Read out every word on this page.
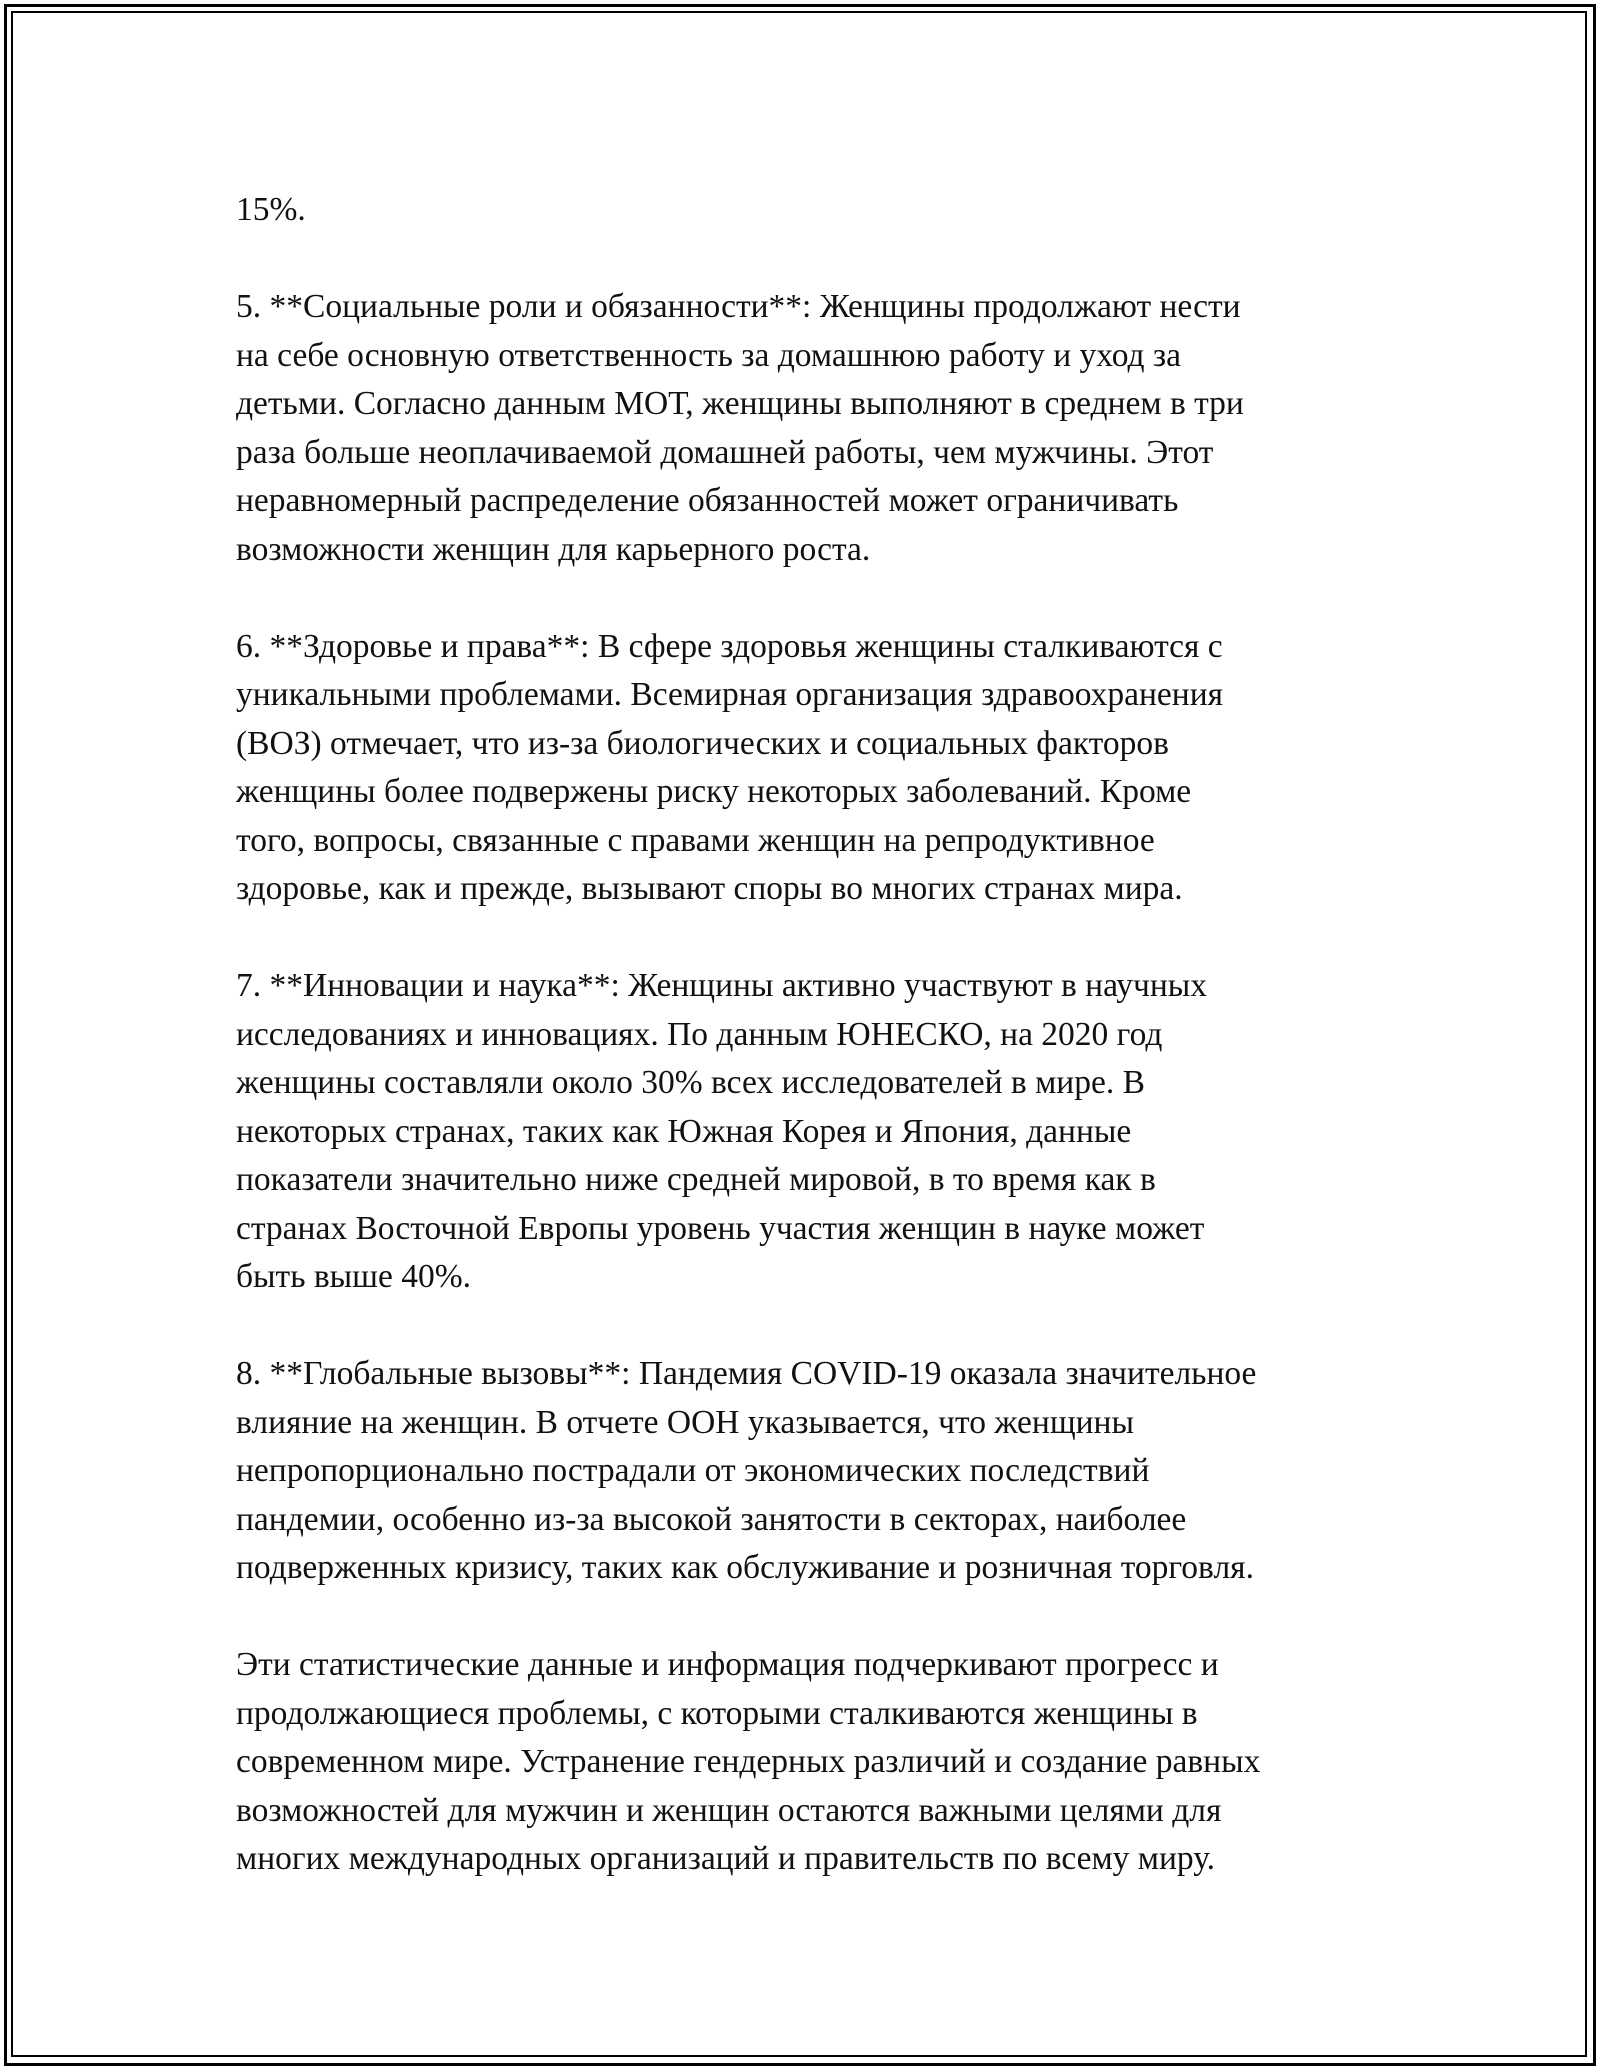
15%.

5. **Социальные роли и обязанности**: Женщины продолжают нести
на себе основную ответственность за домашнюю работу и уход за
детьми. Согласно данным МОТ, женщины выполняют в среднем в три
раза больше неоплачиваемой домашней работы, чем мужчины. Этот
неравномерный распределение обязанностей может ограничивать
возможности женщин для карьерного роста.

6. **Здоровье и права**: В сфере здоровья женщины сталкиваются с
уникальными проблемами. Всемирная организация здравоохранения
(ВОЗ) отмечает, что из-за биологических и социальных факторов
женщины более подвержены риску некоторых заболеваний. Кроме
того, вопросы, связанные с правами женщин на репродуктивное
здоровье, как и прежде, вызывают споры во многих странах мира.

7. **Инновации и наука**: Женщины активно участвуют в научных
исследованиях и инновациях. По данным ЮНЕСКО, на 2020 год
женщины составляли около 30% всех исследователей в мире. В
некоторых странах, таких как Южная Корея и Япония, данные
показатели значительно ниже средней мировой, в то время как в
странах Восточной Европы уровень участия женщин в науке может
быть выше 40%.

8. **Глобальные вызовы**: Пандемия COVID-19 оказала значительное
влияние на женщин. В отчете ООН указывается, что женщины
непропорционально пострадали от экономических последствий
пандемии, особенно из-за высокой занятости в секторах, наиболее
подверженных кризису, таких как обслуживание и розничная торговля.

Эти статистические данные и информация подчеркивают прогресс и
продолжающиеся проблемы, с которыми сталкиваются женщины в
современном мире. Устранение гендерных различий и создание равных
возможностей для мужчин и женщин остаются важными целями для
многих международных организаций и правительств по всему миру.
